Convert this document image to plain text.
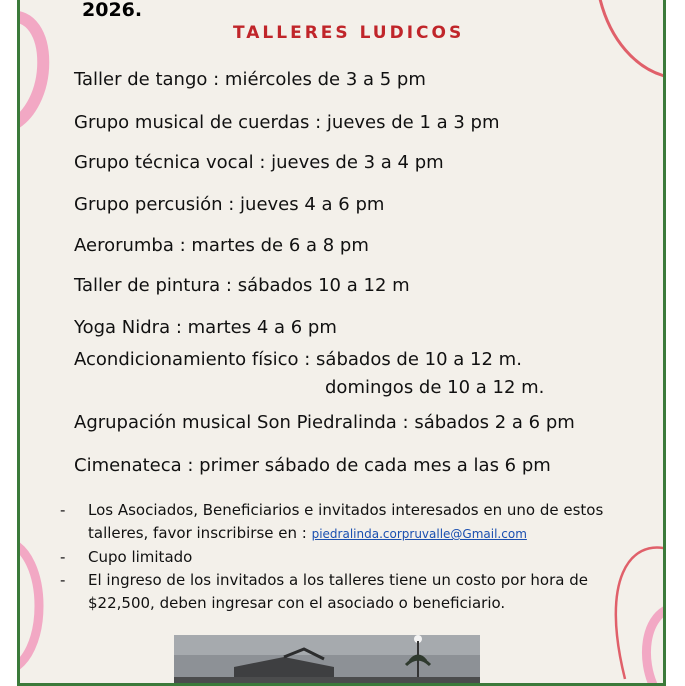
2026.
TALLERES LUDICOS
Taller de tango : miércoles de 3 a 5 pm
Grupo musical de cuerdas : jueves de 1 a 3 pm
Grupo técnica vocal : jueves de 3 a 4 pm
Grupo percusión : jueves 4 a 6 pm
Aerorumba : martes de 6 a 8 pm
Taller de pintura : sábados 10 a 12 m
Yoga Nidra : martes 4 a 6 pm
Acondicionamiento físico : sábados de 10 a 12 m.
domingos de 10 a 12 m.
Agrupación musical Son Piedralinda : sábados 2 a 6 pm
Cimenateca : primer sábado de cada mes a las 6 pm
-	Los Asociados, Beneficiarios e invitados interesados en uno de estos talleres, favor inscribirse en : piedralinda.corpruvalle@Gmail.com
-	Cupo limitado
-	El ingreso de los invitados a los talleres tiene un costo por hora de $22,500, deben ingresar con el asociado o beneficiario.
